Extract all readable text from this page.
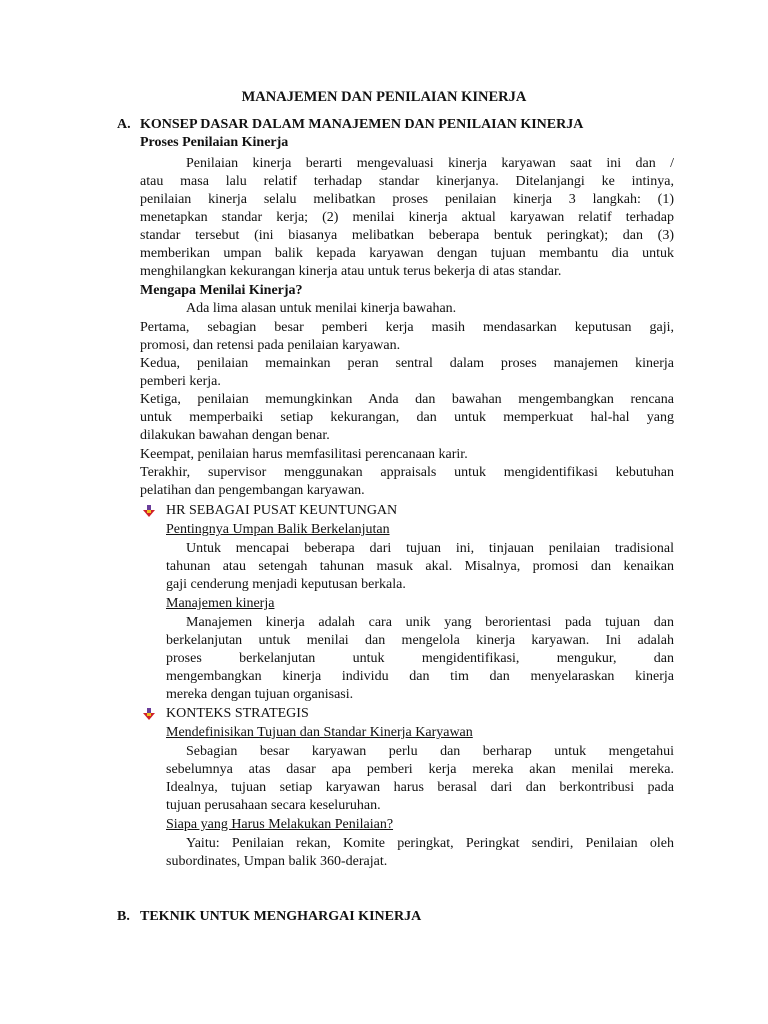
MANAJEMEN DAN PENILAIAN KINERJA
A. KONSEP DASAR DALAM MANAJEMEN DAN PENILAIAN KINERJA
Proses Penilaian Kinerja
Penilaian kinerja berarti mengevaluasi kinerja karyawan saat ini dan /
atau masa lalu relatif terhadap standar kinerjanya. Ditelanjangi ke intinya,
penilaian kinerja selalu melibatkan proses penilaian kinerja 3 langkah: (1)
menetapkan standar kerja; (2) menilai kinerja aktual karyawan relatif terhadap
standar tersebut (ini biasanya melibatkan beberapa bentuk peringkat); dan (3)
memberikan umpan balik kepada karyawan dengan tujuan membantu dia untuk
menghilangkan kekurangan kinerja atau untuk terus bekerja di atas standar.
Mengapa Menilai Kinerja?
Ada lima alasan untuk menilai kinerja bawahan.
Pertama, sebagian besar pemberi kerja masih mendasarkan keputusan gaji,
promosi, dan retensi pada penilaian karyawan.
Kedua, penilaian memainkan peran sentral dalam proses manajemen kinerja
pemberi kerja.
Ketiga, penilaian memungkinkan Anda dan bawahan mengembangkan rencana
untuk memperbaiki setiap kekurangan, dan untuk memperkuat hal-hal yang
dilakukan bawahan dengan benar.
Keempat, penilaian harus memfasilitasi perencanaan karir.
Terakhir, supervisor menggunakan appraisals untuk mengidentifikasi kebutuhan
pelatihan dan pengembangan karyawan.
HR SEBAGAI PUSAT KEUNTUNGAN
Pentingnya Umpan Balik Berkelanjutan
Untuk mencapai beberapa dari tujuan ini, tinjauan penilaian tradisional
tahunan atau setengah tahunan masuk akal. Misalnya, promosi dan kenaikan
gaji cenderung menjadi keputusan berkala.
Manajemen kinerja
Manajemen kinerja adalah cara unik yang berorientasi pada tujuan dan
berkelanjutan untuk menilai dan mengelola kinerja karyawan. Ini adalah
proses berkelanjutan untuk mengidentifikasi, mengukur, dan
mengembangkan kinerja individu dan tim dan menyelaraskan kinerja
mereka dengan tujuan organisasi.
KONTEKS STRATEGIS
Mendefinisikan Tujuan dan Standar Kinerja Karyawan
Sebagian besar karyawan perlu dan berharap untuk mengetahui
sebelumnya atas dasar apa pemberi kerja mereka akan menilai mereka.
Idealnya, tujuan setiap karyawan harus berasal dari dan berkontribusi pada
tujuan perusahaan secara keseluruhan.
Siapa yang Harus Melakukan Penilaian?
Yaitu: Penilaian rekan, Komite peringkat, Peringkat sendiri, Penilaian oleh
subordinates, Umpan balik 360-derajat.
B. TEKNIK UNTUK MENGHARGAI KINERJA
